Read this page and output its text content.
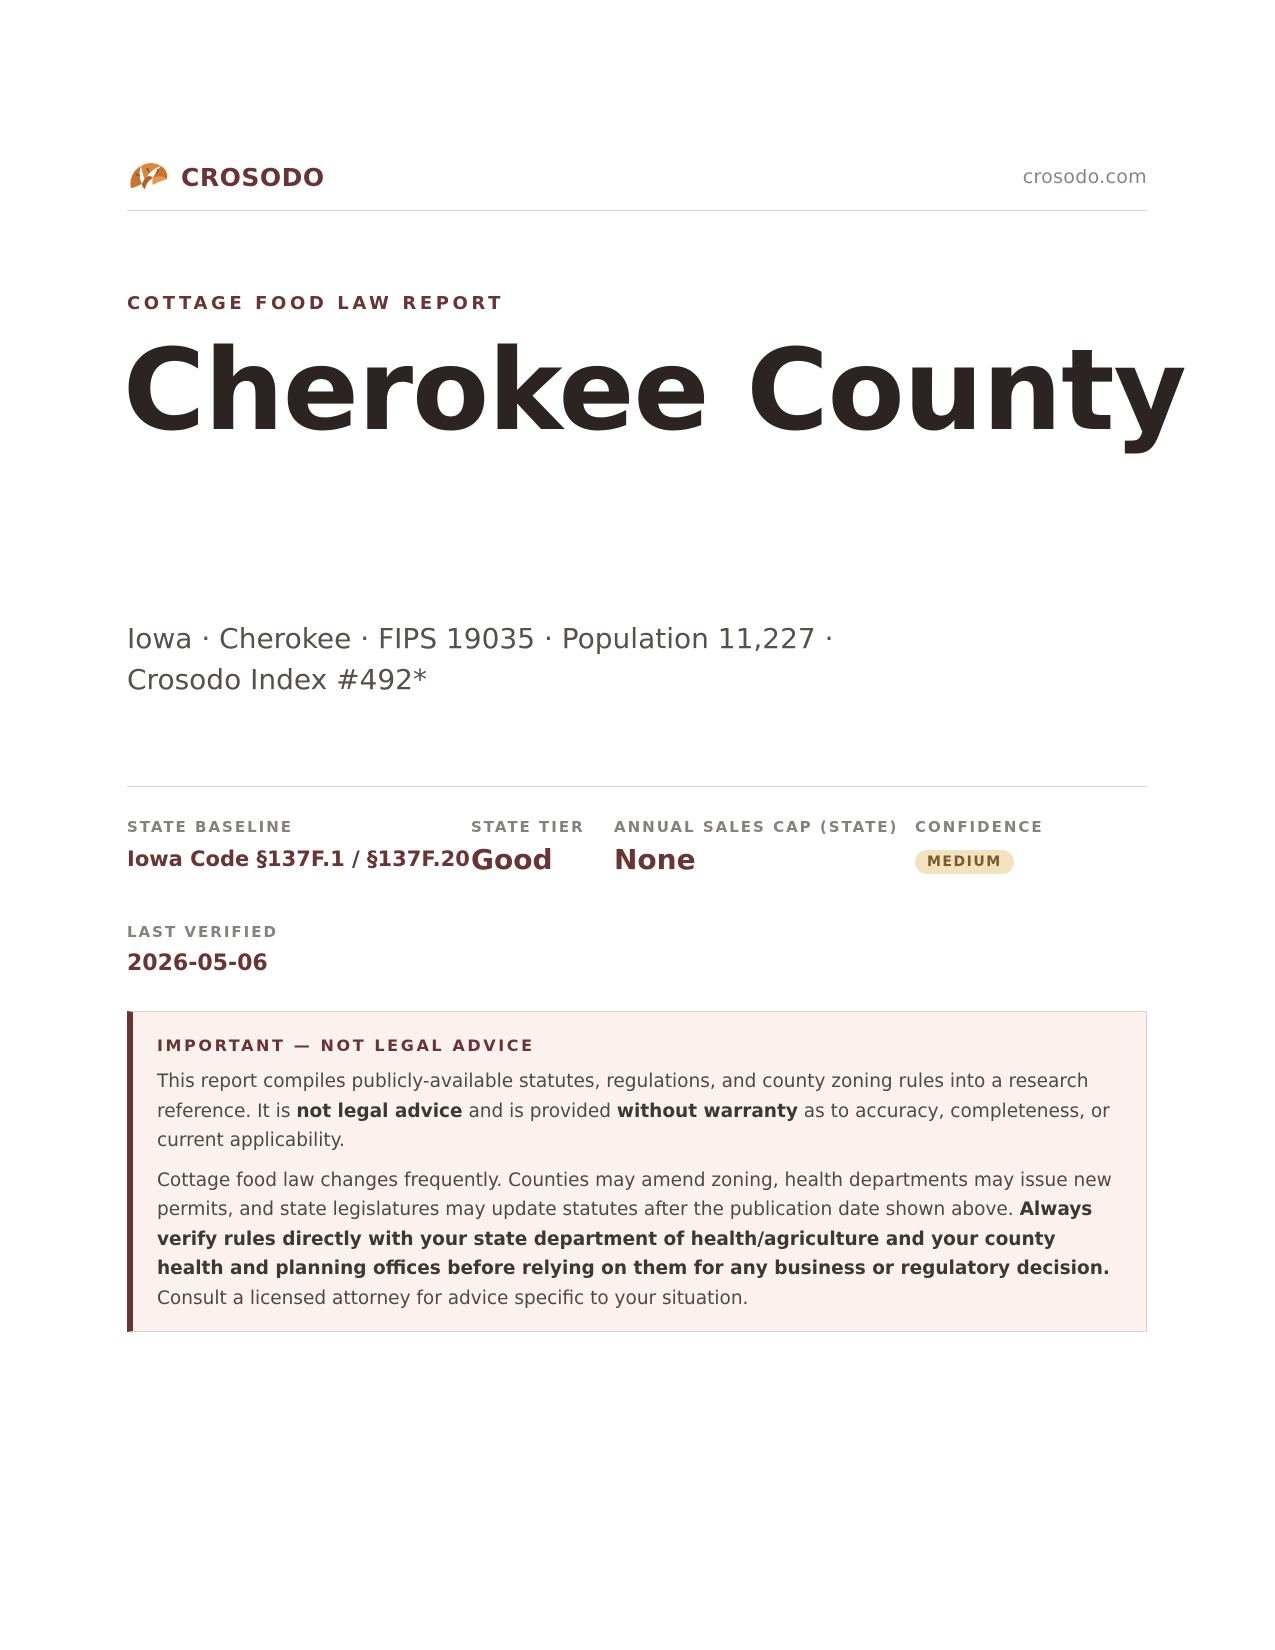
CROSODO	crosodo.com
COTTAGE FOOD LAW REPORT
Cherokee County
Iowa · Cherokee · FIPS 19035 · Population 11,227 · Crosodo Index #492*
STATE BASELINE
Iowa Code §137F.1 / §137F.20
STATE TIER
Good
ANNUAL SALES CAP (STATE)
None
CONFIDENCE
MEDIUM
LAST VERIFIED
2026-05-06
IMPORTANT — NOT LEGAL ADVICE

This report compiles publicly-available statutes, regulations, and county zoning rules into a research reference. It is not legal advice and is provided without warranty as to accuracy, completeness, or current applicability.

Cottage food law changes frequently. Counties may amend zoning, health departments may issue new permits, and state legislatures may update statutes after the publication date shown above. Always verify rules directly with your state department of health/agriculture and your county health and planning offices before relying on them for any business or regulatory decision. Consult a licensed attorney for advice specific to your situation.
